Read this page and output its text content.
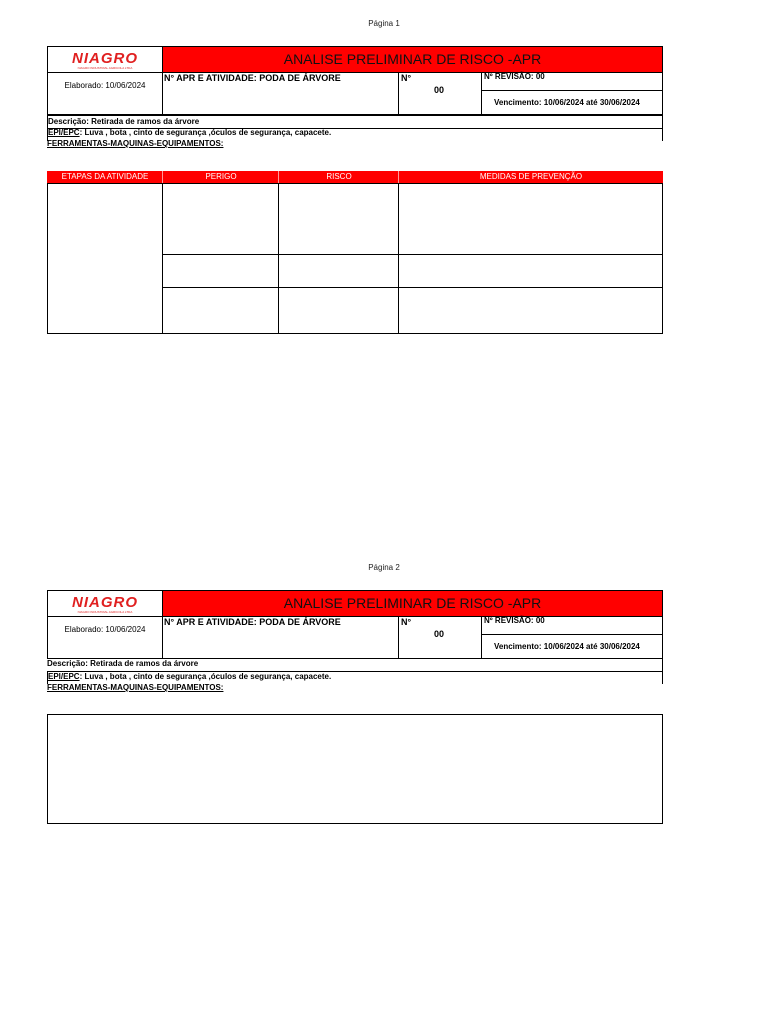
Página 1
NIAGRO
NIAGRO INDUSTRIAL AGRICOLA LTDA
ANALISE PRELIMINAR DE RISCO -APR
Elaborado: 10/06/2024
N° APR E ATIVIDADE: PODA DE ÁRVORE	N°
00
Nº REVISÃO: 00
Vencimento: 10/06/2024 até 30/06/2024
Descrição: Retirada de ramos da árvore
EPI/EPC: Luva , bota , cinto de segurança ,óculos de segurança, capacete.
FERRAMENTAS-MAQUINAS-EQUIPAMENTOS:
ETAPAS DA ATIVIDADE	PERIGO	RISCO	MEDIDAS DE PREVENÇÃO
Página 2
NIAGRO
NIAGRO INDUSTRIAL AGRICOLA LTDA
ANALISE PRELIMINAR DE RISCO -APR
Elaborado: 10/06/2024
N° APR E ATIVIDADE: PODA DE ÁRVORE	N°
00
Nº REVISÃO: 00
Vencimento: 10/06/2024 até 30/06/2024
Descrição: Retirada de ramos da árvore
EPI/EPC: Luva , bota , cinto de segurança ,óculos de segurança, capacete.
FERRAMENTAS-MAQUINAS-EQUIPAMENTOS:
